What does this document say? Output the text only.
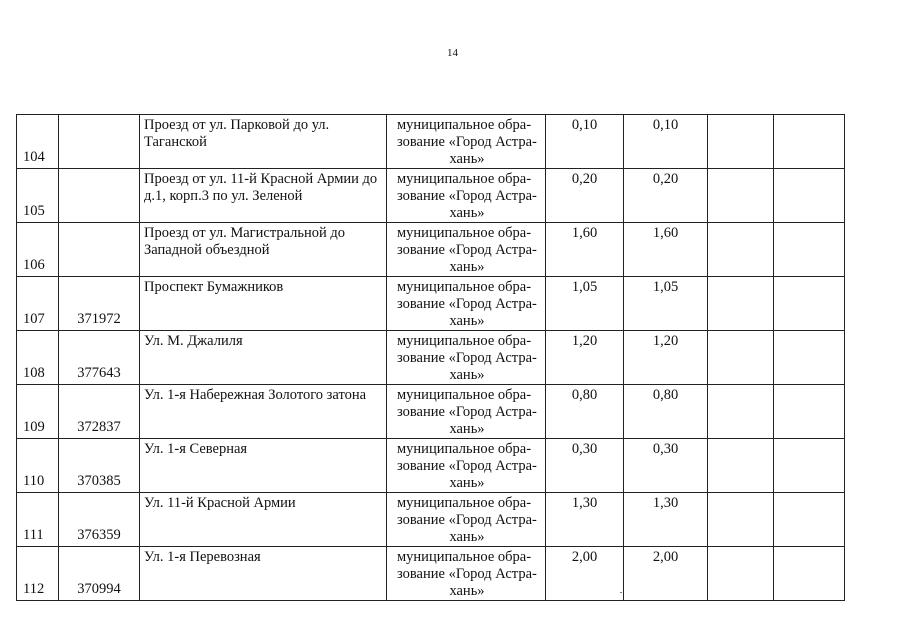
14
104		Проезд от ул. Парковой до ул. Таганской	муниципальное обра-
зование «Город Астра-
хань»	0,10	0,10		
105		Проезд от ул. 11-й Красной Армии до д.1, корп.3 по ул. Зеленой	муниципальное обра-
зование «Город Астра-
хань»	0,20	0,20		
106		Проезд от ул. Магистральной до Западной объездной	муниципальное обра-
зование «Город Астра-
хань»	1,60	1,60		
107	371972	Проспект Бумажников	муниципальное обра-
зование «Город Астра-
хань»	1,05	1,05		
108	377643	Ул. М. Джалиля	муниципальное обра-
зование «Город Астра-
хань»	1,20	1,20		
109	372837	Ул. 1-я Набережная Золотого затона	муниципальное обра-
зование «Город Астра-
хань»	0,80	0,80		
110	370385	Ул. 1-я Северная	муниципальное обра-
зование «Город Астра-
хань»	0,30	0,30		
111	376359	Ул. 11-й Красной Армии	муниципальное обра-
зование «Город Астра-
хань»	1,30	1,30		
112	370994	Ул. 1-я Перевозная	муниципальное обра-
зование «Город Астра-
хань»	2,00	2,00		
